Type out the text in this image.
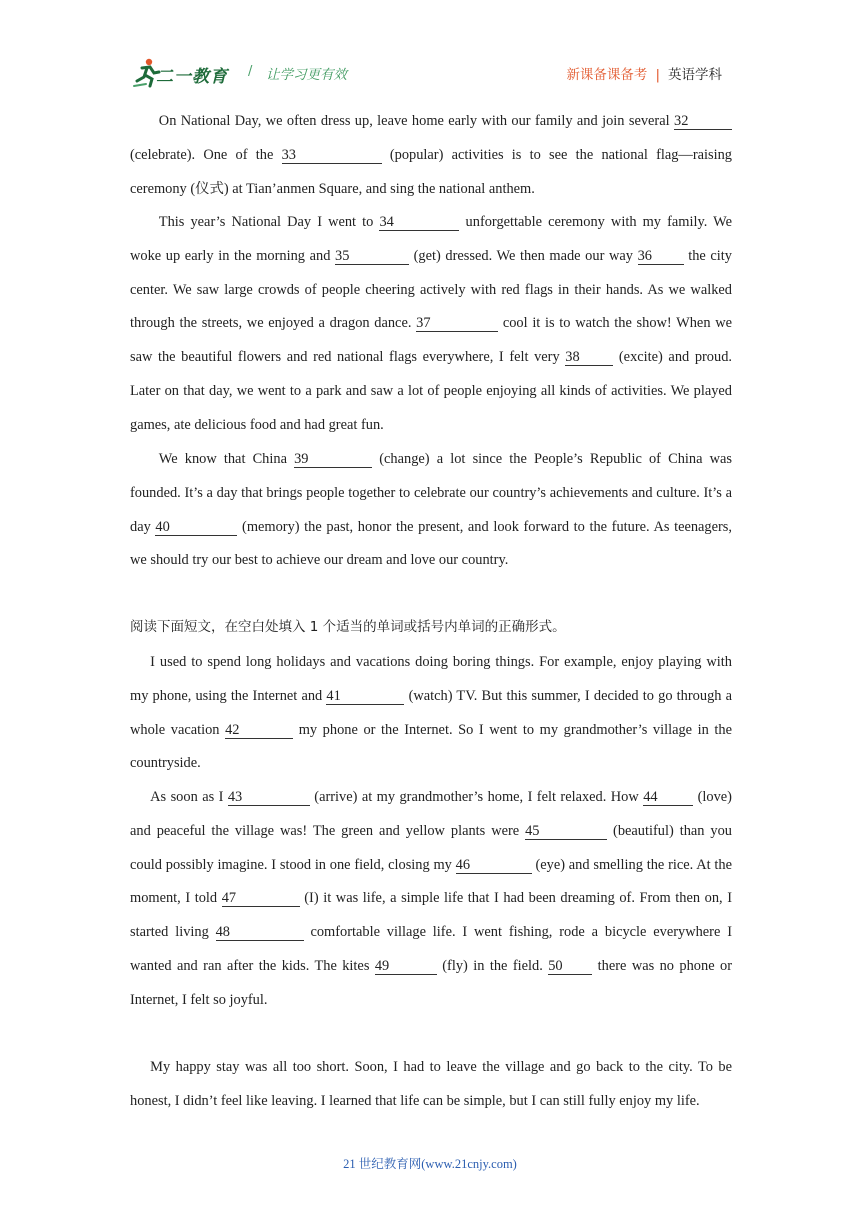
二一教育 / 让学习更有效	新课备课备考 | 英语学科
On National Day, we often dress up, leave home early with our family and join several 32 (celebrate). One of the 33	(popular) activities is to see the national flag—raising ceremony (仪式) at Tian’anmen Square, and sing the national anthem.
This year’s National Day I went to 34	unforgettable ceremony with my family. We woke up early in the morning and 35	(get) dressed. We then made our way 36 the city center. We saw large crowds of people cheering actively with red flags in their hands. As we walked through the streets, we enjoyed a dragon dance. 37	cool it is to watch the show! When we saw the beautiful flowers and red national flags everywhere, I felt very 38 (excite) and proud. Later on that day, we went to a park and saw a lot of people enjoying all kinds of activities. We played games, ate delicious food and had great fun.
We know that China 39	(change) a lot since the People’s Republic of China was founded. It’s a day that brings people together to celebrate our country’s achievements and culture. It’s a day 40	(memory) the past, honor the present, and look forward to the future. As teenagers, we should try our best to achieve our dream and love our country.
阅读下面短文，在空白处填入 1 个适当的单词或括号内单词的正确形式。
I used to spend long holidays and vacations doing boring things. For example, enjoy playing with my phone, using the Internet and 41	(watch) TV. But this summer, I decided to go through a whole vacation 42	my phone or the Internet. So I went to my grandmother’s village in the countryside.
As soon as I 43	(arrive) at my grandmother’s home, I felt relaxed. How 44 (love) and peaceful the village was! The green and yellow plants were 45	(beautiful) than you could possibly imagine. I stood in one field, closing my 46	(eye) and smelling the rice. At the moment, I told 47	(I) it was life, a simple life that I had been dreaming of. From then on, I started living 48	comfortable village life. I went fishing, rode a bicycle everywhere I wanted and ran after the kids. The kites 49	(fly) in the field. 50 there was no phone or Internet, I felt so joyful.
My happy stay was all too short. Soon, I had to leave the village and go back to the city. To be honest, I didn’t feel like leaving. I learned that life can be simple, but I can still fully enjoy my life.
21 世纪教育网(www.21cnjy.com)
